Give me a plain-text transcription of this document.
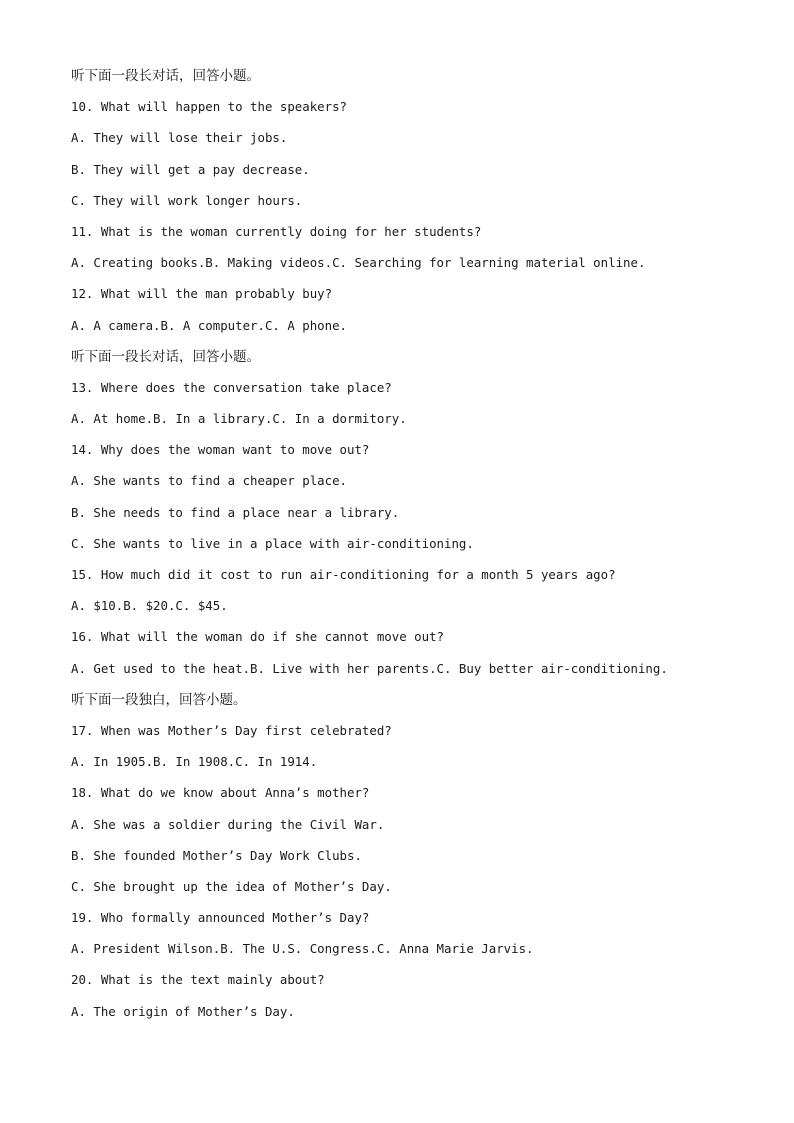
听下面一段长对话，回答小题。
10. What will happen to the speakers?
A. They will lose their jobs.
B. They will get a pay decrease.
C. They will work longer hours.
11. What is the woman currently doing for her students?
A. Creating books.B. Making videos.C. Searching for learning material online.
12. What will the man probably buy?
A. A camera.B. A computer.C. A phone.
听下面一段长对话，回答小题。
13. Where does the conversation take place?
A. At home.B. In a library.C. In a dormitory.
14. Why does the woman want to move out?
A. She wants to find a cheaper place.
B. She needs to find a place near a library.
C. She wants to live in a place with air-conditioning.
15. How much did it cost to run air-conditioning for a month 5 years ago?
A. $10.B. $20.C. $45.
16. What will the woman do if she cannot move out?
A. Get used to the heat.B. Live with her parents.C. Buy better air-conditioning.
听下面一段独白，回答小题。
17. When was Mother’s Day first celebrated?
A. In 1905.B. In 1908.C. In 1914.
18. What do we know about Anna’s mother?
A. She was a soldier during the Civil War.
B. She founded Mother’s Day Work Clubs.
C. She brought up the idea of Mother’s Day.
19. Who formally announced Mother’s Day?
A. President Wilson.B. The U.S. Congress.C. Anna Marie Jarvis.
20. What is the text mainly about?
A. The origin of Mother’s Day.
